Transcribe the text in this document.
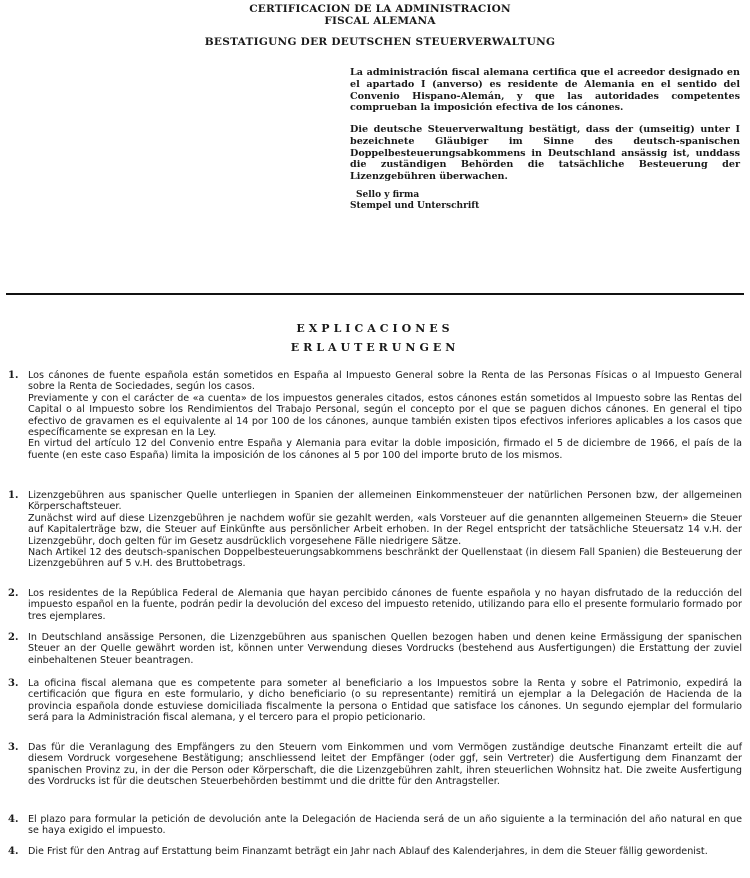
CERTIFICACION DE LA ADMINISTRACION
FISCAL ALEMANA
BESTATIGUNG DER DEUTSCHEN STEUERVERWALTUNG
La administración fiscal alemana certifica que el acreedor designado en el apartado I (anverso) es residente de Alemania en el sentido del Convenio Hispano-Alemán, y que las autoridades competentes comprueban la imposición efectiva de los cánones.
Die deutsche Steuerverwaltung bestätigt, dass der (umseitig) unter I bezeichnete Gläubiger im Sinne des deutsch-spanischen Doppelbesteuerungsabkommens in Deutschland ansässig ist, unddass die zuständigen Behörden die tatsächliche Besteuerung der Lizenzgebühren überwachen.
Sello y firma
Stempel und Unterschrift
EXPLICACIONES
ERLAUTERUNGEN
1. Los cánones de fuente española están sometidos en España al Impuesto General sobre la Renta de las Personas Físicas o al Impuesto General sobre la Renta de Sociedades, según los casos.

Previamente y con el carácter de «a cuenta» de los impuestos generales citados, estos cánones están sometidos al Impuesto sobre las Rentas del Capital o al Impuesto sobre los Rendimientos del Trabajo Personal, según el concepto por el que se paguen dichos cánones. En general el tipo efectivo de gravamen es el equivalente al 14 por 100 de los cánones, aunque también existen tipos efectivos inferiores aplicables a los casos que específicamente se expresan en la Ley.

En virtud del artículo 12 del Convenio entre España y Alemania para evitar la doble imposición, firmado el 5 de diciembre de 1966, el país de la fuente (en este caso España) limita la imposición de los cánones al 5 por 100 del importe bruto de los mismos.

1. Lizenzgebühren aus spanischer Quelle unterliegen in Spanien der allemeinen Einkommensteuer der natürlichen Personen bzw, der allgemeinen Körperschaftsteuer.

Zunächst wird auf diese Lizenzgebühren je nachdem wofür sie gezahlt werden, «als Vorsteuer auf die genannten allgemeinen Steuern» die Steuer auf Kapitalerträge bzw, die Steuer auf Einkünfte aus persönlicher Arbeit erhoben. In der Regel entspricht der tatsächliche Steuersatz 14 v.H. der Lizenzgebühr, doch gelten für im Gesetz ausdrücklich vorgesehene Fälle niedrigere Sätze.

Nach Artikel 12 des deutsch-spanischen Doppelbesteuerungsabkommens beschränkt der Quellenstaat (in diesem Fall Spanien) die Besteuerung der Lizenzgebühren auf 5 v.H. des Bruttobetrags.

2. Los residentes de la República Federal de Alemania que hayan percibido cánones de fuente española y no hayan disfrutado de la reducción del impuesto español en la fuente, podrán pedir la devolución del exceso del impuesto retenido, utilizando para ello el presente formulario formado por tres ejemplares.

2. In Deutschland ansässige Personen, die Lizenzgebühren aus spanischen Quellen bezogen haben und denen keine Ermässigung der spanischen Steuer an der Quelle gewährt worden ist, können unter Verwendung dieses Vordrucks (bestehend aus Ausfertigungen) die Erstattung der zuviel einbehaltenen Steuer beantragen.

3. La oficina fiscal alemana que es competente para someter al beneficiario a los Impuestos sobre la Renta y sobre el Patrimonio, expedirá la certificación que figura en este formulario, y dicho beneficiario (o su representante) remitirá un ejemplar a la Delegación de Hacienda de la provincia española donde estuviese domiciliada fiscalmente la persona o Entidad que satisface los cánones. Un segundo ejemplar del formulario será para la Administración fiscal alemana, y el tercero para el propio peticionario.

3. Das für die Veranlagung des Empfängers zu den Steuern vom Einkommen und vom Vermögen zuständige deutsche Finanzamt erteilt die auf diesem Vordruck vorgesehene Bestätigung; anschliessend leitet der Empfänger (oder ggf, sein Vertreter) die Ausfertigung dem Finanzamt der spanischen Provinz zu, in der die Person oder Körperschaft, die die Lizenzgebühren zahlt, ihren steuerlichen Wohnsitz hat. Die zweite Ausfertigung des Vordrucks ist für die deutschen Steuerbehörden bestimmt und die dritte für den Antragsteller.

4. El plazo para formular la petición de devolución ante la Delegación de Hacienda será de un año siguiente a la terminación del año natural en que se haya exigido el impuesto.

4. Die Frist für den Antrag auf Erstattung beim Finanzamt beträgt ein Jahr nach Ablauf des Kalenderjahres, in dem die Steuer fällig gewordenist.
